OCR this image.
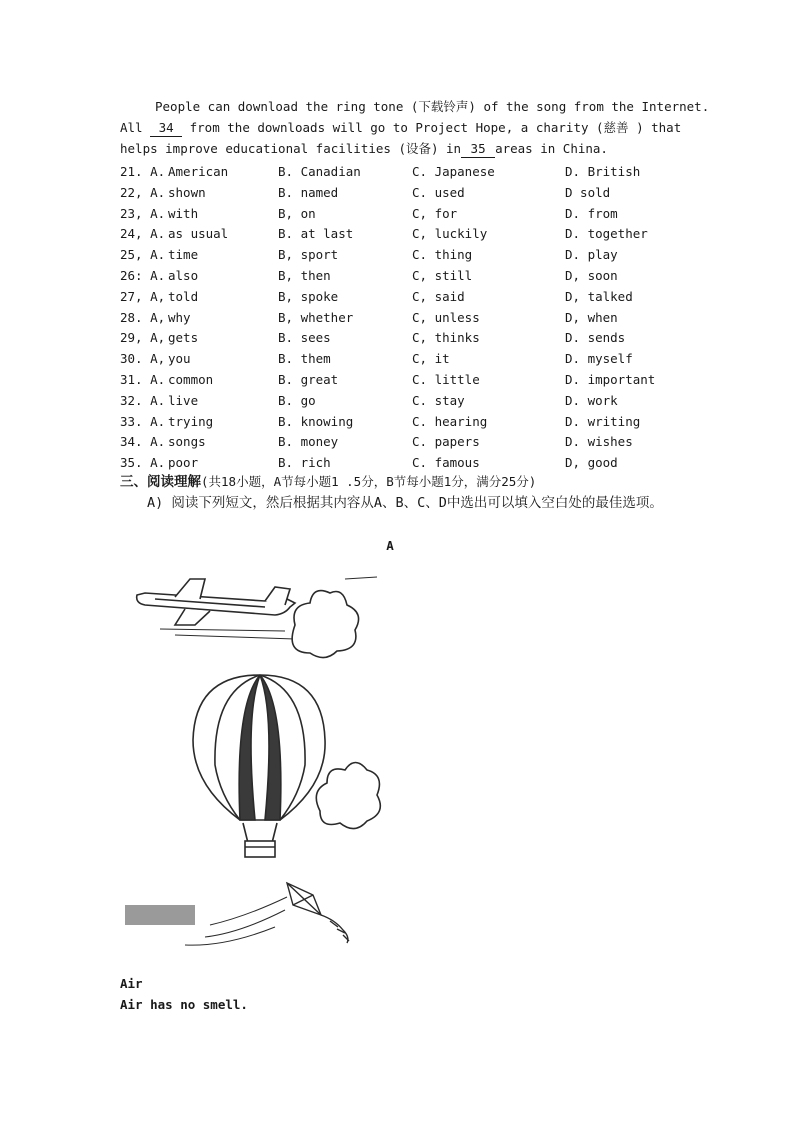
People can download the ring tone (下载铃声) of the song from the Internet.
All 34 from the downloads will go to Project Hope, a charity (慈善 ) that
helps improve educational facilities (设备) in 35 areas in China.
21. A. American	B. Canadian	C. Japanese	D. British
22, A. shown	B. named	C. used	D sold
23, A. with	B, on	C, for	D. from
24, A. as usual	B. at last	C, luckily	D. together
25, A. time	B, sport	C. thing	D. play
26: A. also	B, then	C, still	D, soon
27, A, told	B, spoke	C, said	D, talked
28. A, why	B, whether	C, unless	D, when
29, A, gets	B. sees	C, thinks	D. sends
30. A, you	B. them	C, it	D. myself
31. A. common	B. great	C. little	D. important
32. A. live	B. go	C. stay	D. work
33. A. trying	B. knowing	C. hearing	D. writing
34. A. songs	B. money	C. papers	D. wishes
35. A. poor	B. rich	C. famous	D, good
三、阅读理解(共18小题，A节每小题1 .5分，B节每小题1分，满分25分)
A) 阅读下列短文，然后根据其内容从A、B、C、D中选出可以填入空白处的最佳选项。
A
Air
Air has no smell.
